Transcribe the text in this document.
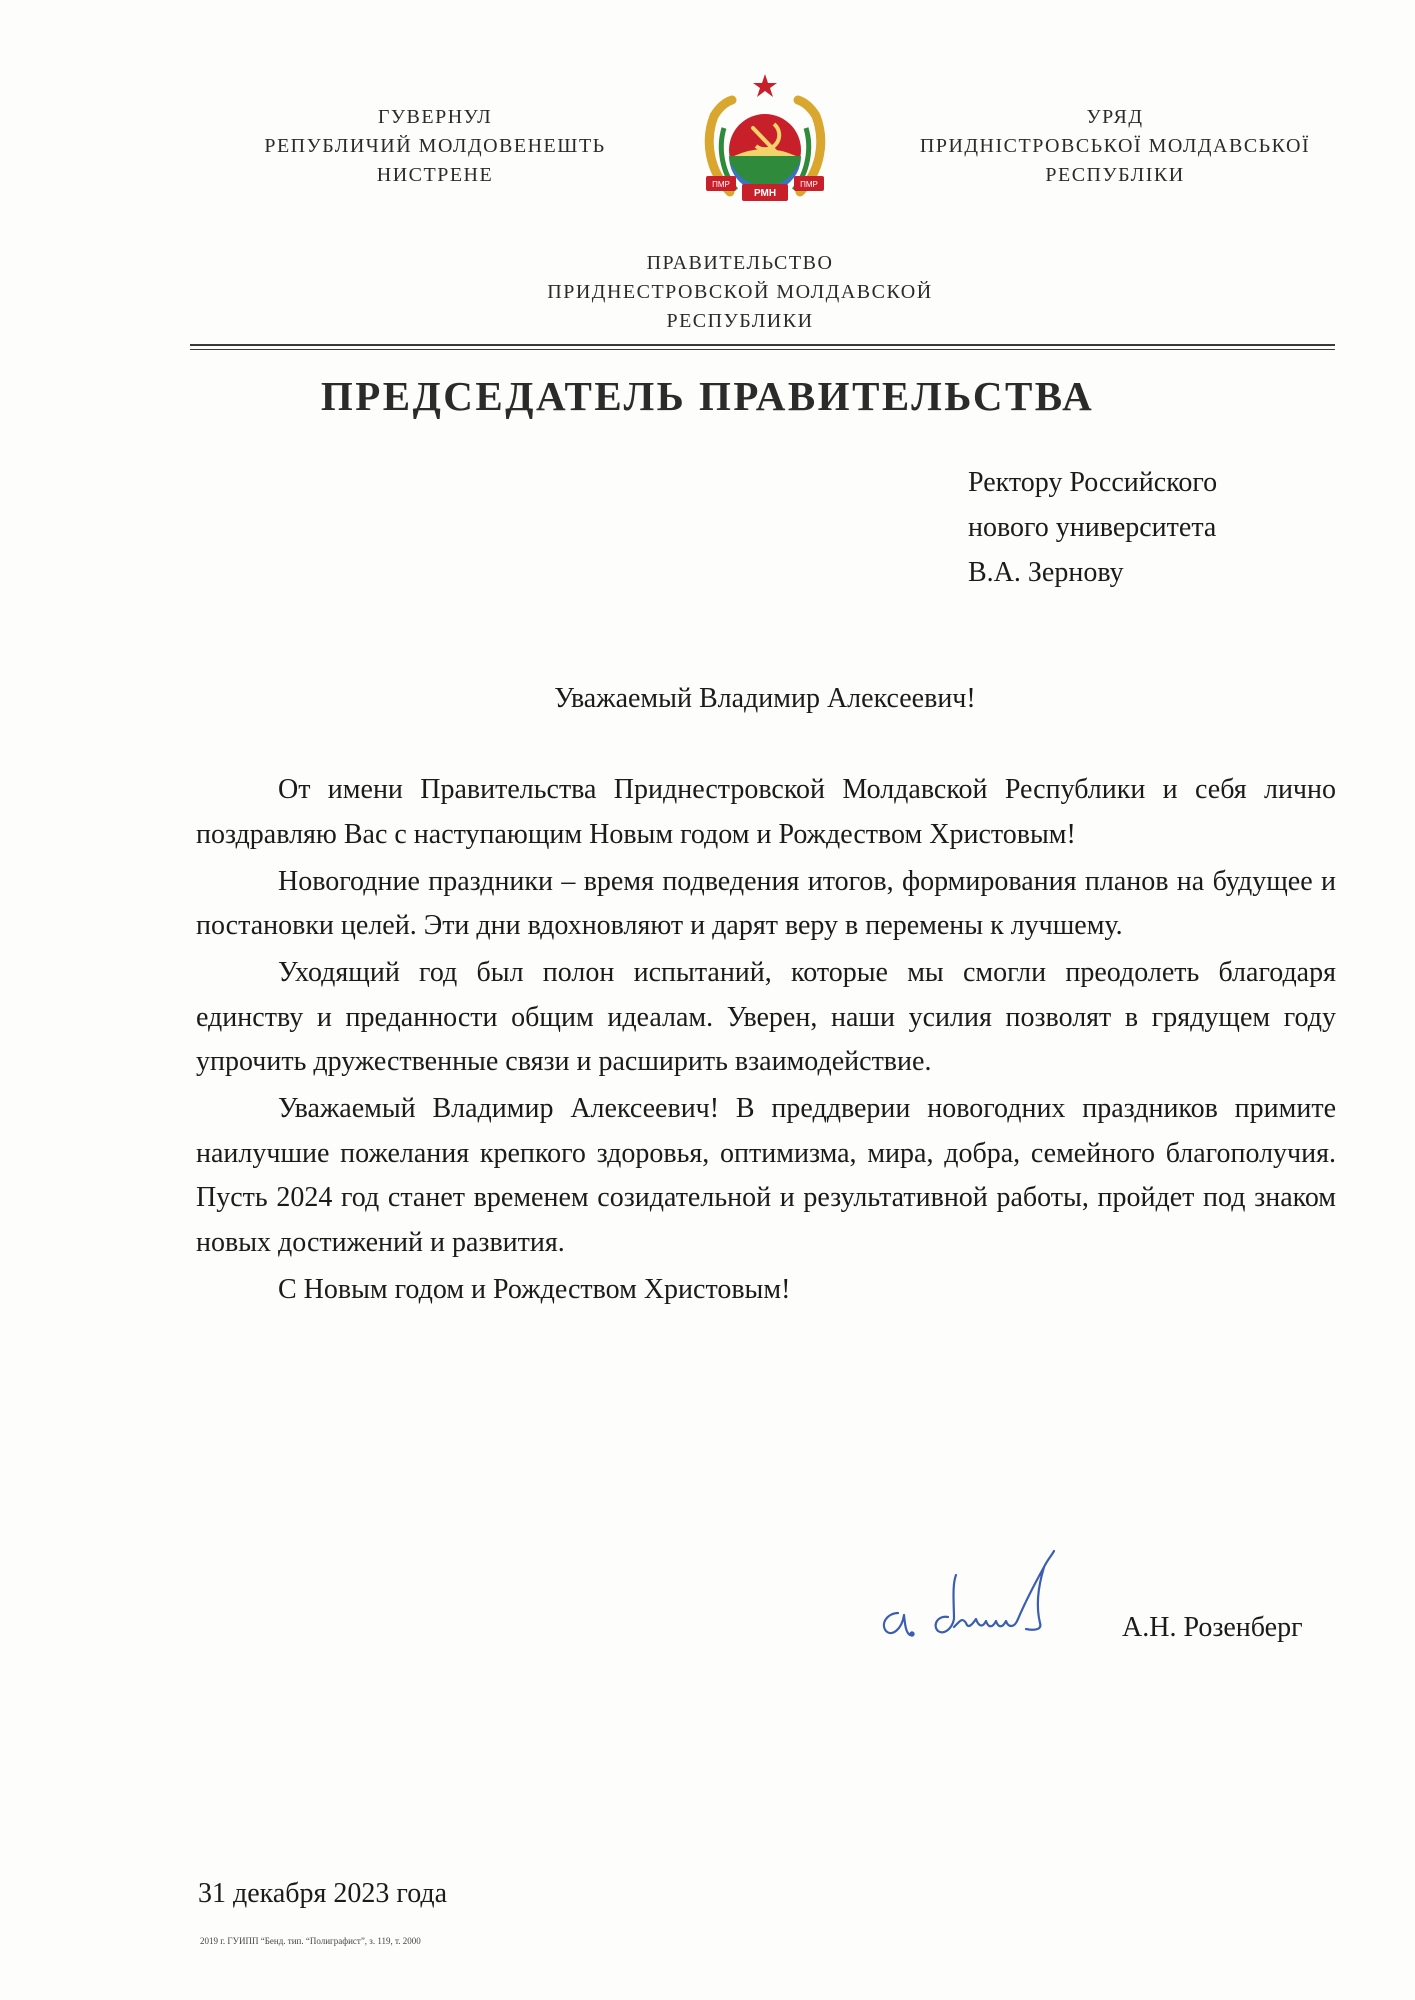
ГУВЕРНУЛ
РЕПУБЛИЧИЙ МОЛДОВЕНЕШТЬ
НИСТРЕНЕ	ПМР
РМН
ПМР
УРЯД
ПРИДНІСТРОВСЬКОЇ МОЛДАВСЬКОЇ
РЕСПУБЛІКИ
ПРАВИТЕЛЬСТВО
ПРИДНЕСТРОВСКОЙ МОЛДАВСКОЙ
РЕСПУБЛИКИ
ПРЕДСЕДАТЕЛЬ ПРАВИТЕЛЬСТВА
Ректору Российского
нового университета
В.А. Зернову
Уважаемый Владимир Алексеевич!

От имени Правительства Приднестровской Молдавской Республики и себя лично поздравляю Вас с наступающим Новым годом и Рождеством Христовым!

Новогодние праздники – время подведения итогов, формирования планов на будущее и постановки целей. Эти дни вдохновляют и дарят веру в перемены к лучшему.

Уходящий год был полон испытаний, которые мы смогли преодолеть благодаря единству и преданности общим идеалам. Уверен, наши усилия позволят в грядущем году упрочить дружественные связи и расширить взаимодействие.

Уважаемый Владимир Алексеевич! В преддверии новогодних праздников примите наилучшие пожелания крепкого здоровья, оптимизма, мира, добра, семейного благополучия. Пусть 2024 год станет временем созидательной и результативной работы, пройдет под знаком новых достижений и развития.

С Новым годом и Рождеством Христовым!

А.Н. Розенберг
31 декабря 2023 года
2019 г. ГУИПП “Бенд. тип. “Полиграфист”, з. 119, т. 2000
